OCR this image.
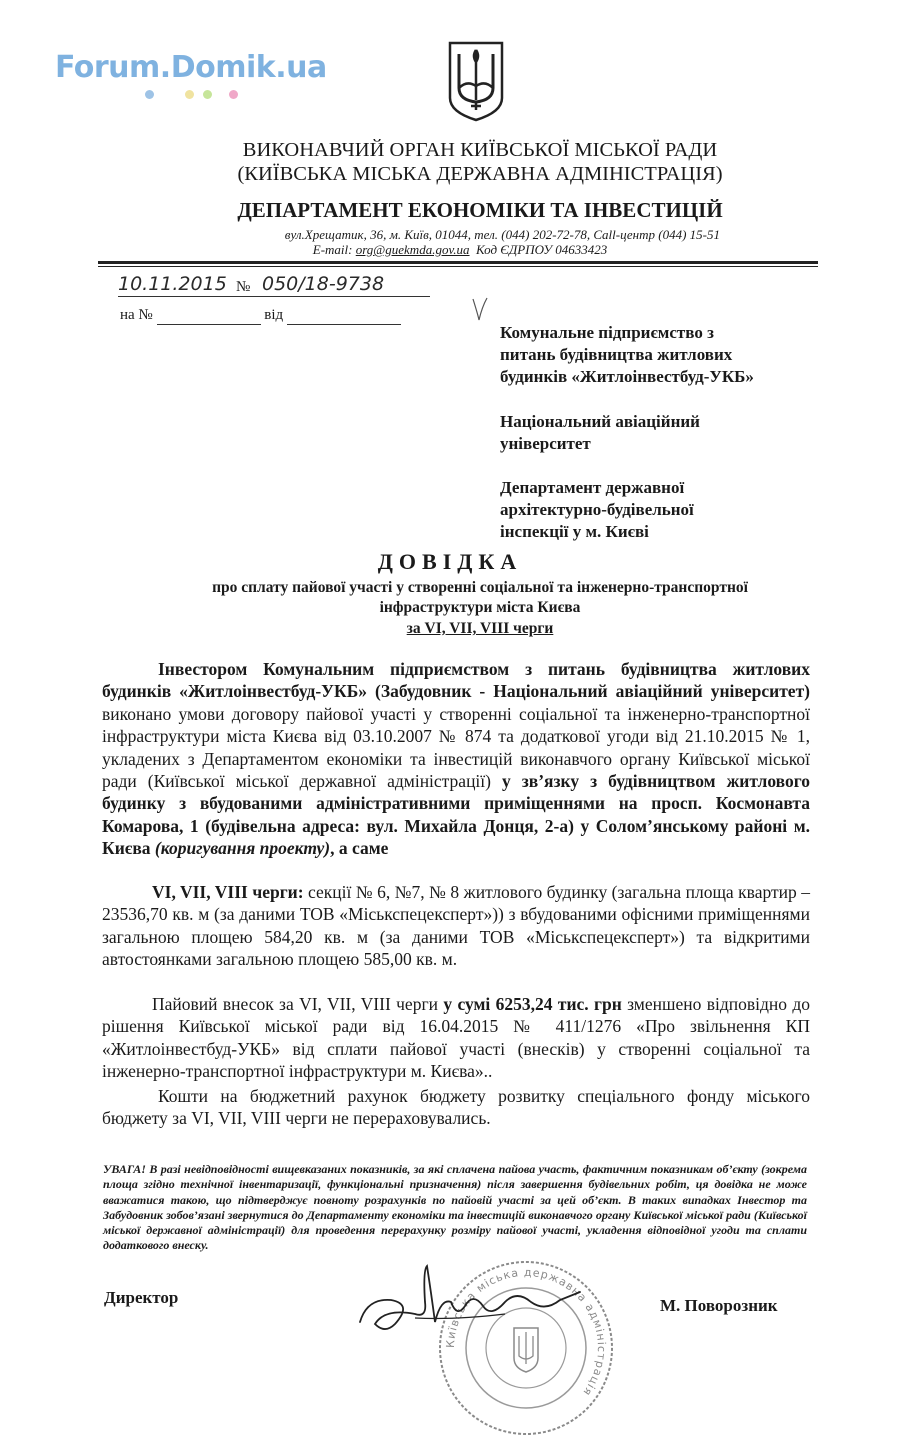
Forum.Domik.ua
ВИКОНАВЧИЙ ОРГАН КИЇВСЬКОЇ МІСЬКОЇ РАДИ
(КИЇВСЬКА МІСЬКА ДЕРЖАВНА АДМІНІСТРАЦІЯ)
ДЕПАРТАМЕНТ ЕКОНОМІКИ ТА ІНВЕСТИЦІЙ
вул.Хрещатик, 36, м. Київ, 01044, тел. (044) 202-72-78, Call-центр (044) 15-51
E-mail: org@guekmda.gov.ua Код ЄДРПОУ 04633423
10.11.2015 № 050/18-9738
на №	від
Комунальне підприємство з
питань будівництва житлових
будинків «Житлоінвестбуд-УКБ»
Національний авіаційний
університет
Департамент державної
архітектурно-будівельної
інспекції у м. Києві
ДОВІДКА
про сплату пайової участі у створенні соціальної та інженерно-транспортної
інфраструктури міста Києва
за VI, VII, VIII черги
Інвестором Комунальним підприємством з питань будівництва житлових будинків «Житлоінвестбуд-УКБ» (Забудовник - Національний авіаційний університет) виконано умови договору пайової участі у створенні соціальної та інженерно-транспортної інфраструктури міста Києва від 03.10.2007 № 874 та додаткової угоди від 21.10.2015 № 1, укладених з Департаментом економіки та інвестицій виконавчого органу Київської міської ради (Київської міської державної адміністрації) у зв’язку з будівництвом житлового будинку з вбудованими адміністративними приміщеннями на просп. Космонавта Комарова, 1 (будівельна адреса: вул. Михайла Донця, 2-а) у Солом’янському районі м. Києва (коригування проекту), а саме
VI, VII, VIII черги: секції № 6, №7, № 8 житлового будинку (загальна площа квартир – 23536,70 кв. м (за даними ТОВ «Міськспецексперт»)) з вбудованими офісними приміщеннями загальною площею 584,20 кв. м (за даними ТОВ «Міськспецексперт») та відкритими автостоянками загальною площею 585,00 кв. м.
Пайовий внесок за VI, VII, VIII черги у сумі 6253,24 тис. грн зменшено відповідно до рішення Київської міської ради від 16.04.2015 № 411/1276 «Про звільнення КП «Житлоінвестбуд-УКБ» від сплати пайової участі (внесків) у створенні соціальної та інженерно-транспортної інфраструктури м. Києва»..
Кошти на бюджетний рахунок бюджету розвитку спеціального фонду міського бюджету за VI, VII, VIII черги не перераховувались.
УВАГА! В разі невідповідності вищевказаних показників, за які сплачена пайова участь, фактичним показникам об’єкту (зокрема площа згідно технічної інвентаризації, функціональні призначення) після завершення будівельних робіт, ця довідка не може вважатися такою, що підтверджує повноту розрахунків по пайовій участі за цей об’єкт. В таких випадках Інвестор та Забудовник зобов’язані звернутися до Департаменту економіки та інвестицій виконавчого органу Київської міської ради (Київської міської державної адміністрації) для проведення перерахунку розміру пайової участі, укладення відповідної угоди та сплати додаткового внеску.
Директор	М. Поворозник
Київська міська державна адміністрація
